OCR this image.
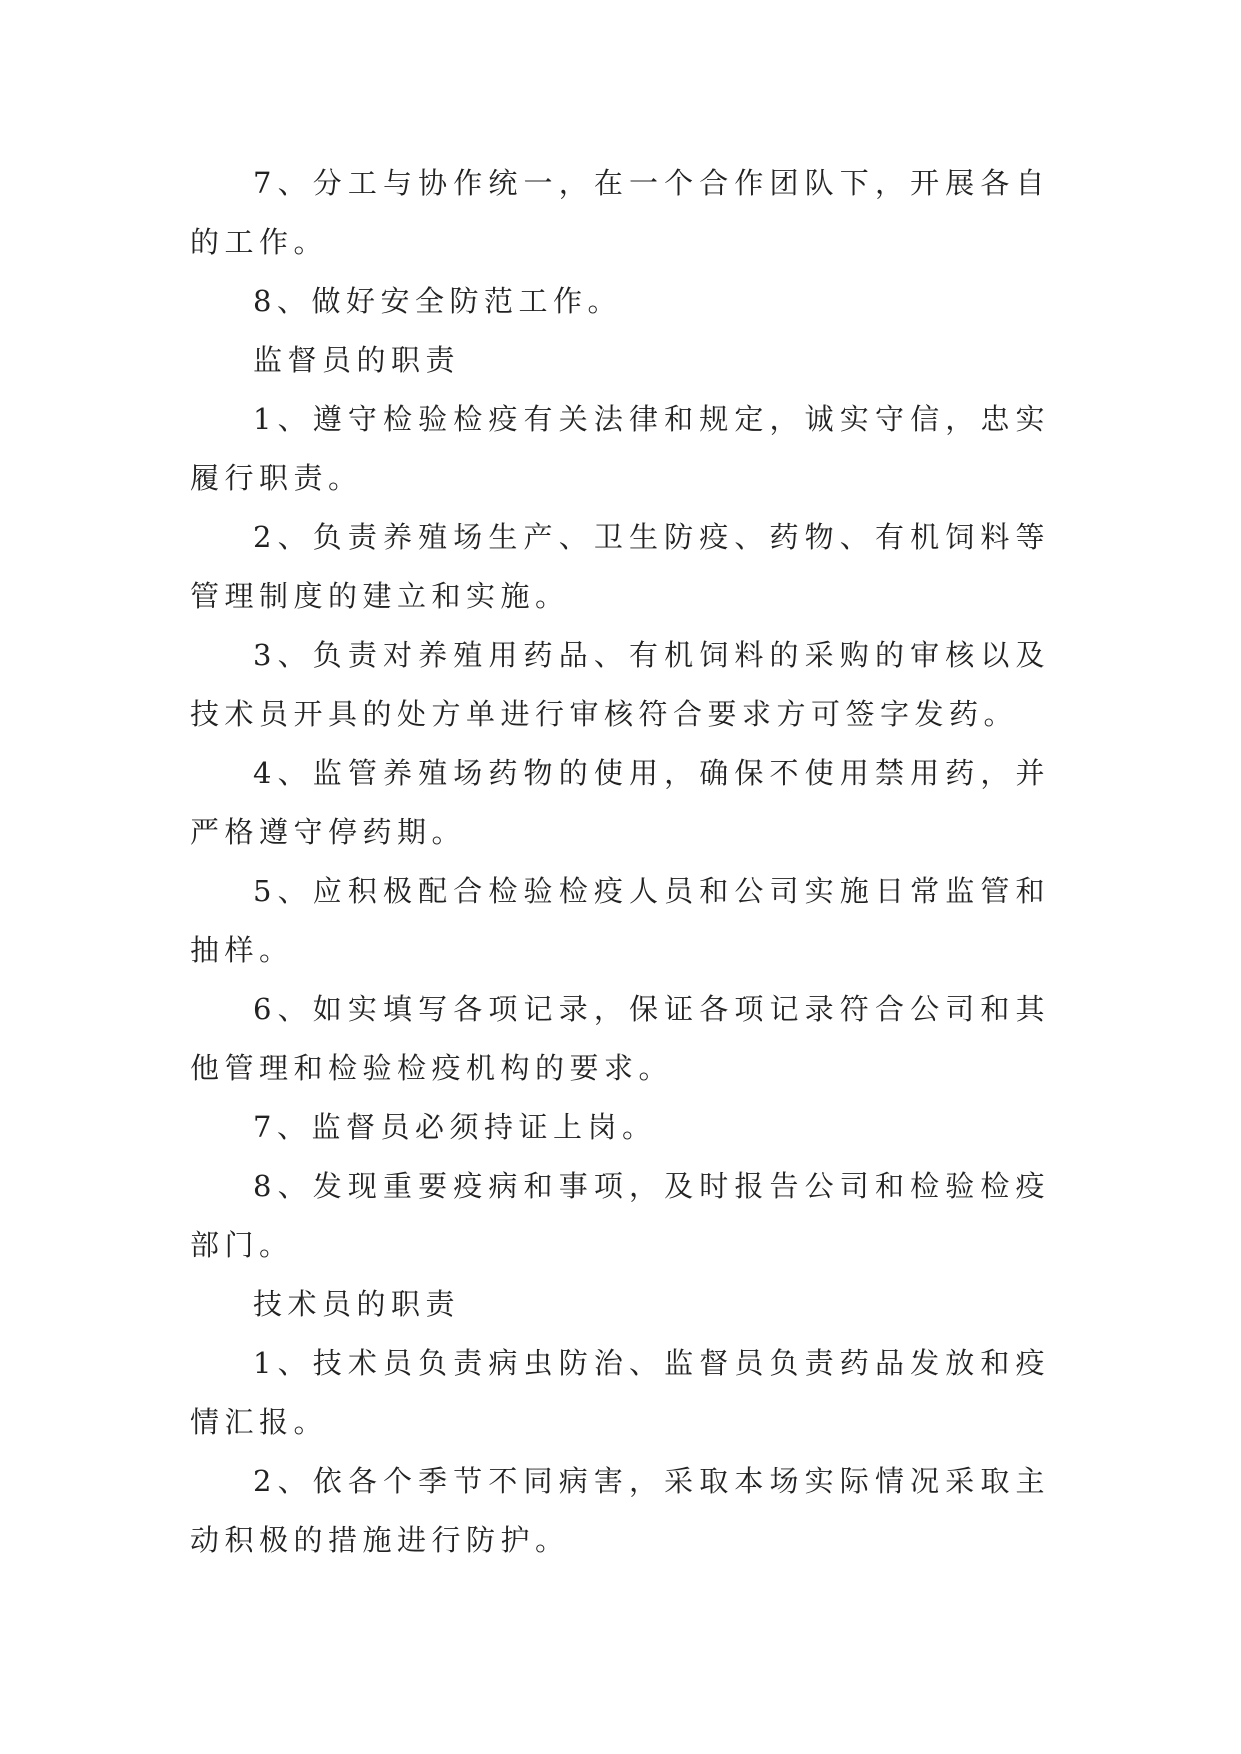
7、分工与协作统一，在一个合作团队下，开展各自的工作。

8、做好安全防范工作。

监督员的职责

1、遵守检验检疫有关法律和规定，诚实守信，忠实履行职责。

2、负责养殖场生产、卫生防疫、药物、有机饲料等管理制度的建立和实施。

3、负责对养殖用药品、有机饲料的采购的审核以及技术员开具的处方单进行审核符合要求方可签字发药。

4、监管养殖场药物的使用，确保不使用禁用药，并严格遵守停药期。

5、应积极配合检验检疫人员和公司实施日常监管和抽样。

6、如实填写各项记录，保证各项记录符合公司和其他管理和检验检疫机构的要求。

7、监督员必须持证上岗。

8、发现重要疫病和事项，及时报告公司和检验检疫部门。

技术员的职责

1、技术员负责病虫防治、监督员负责药品发放和疫情汇报。

2、依各个季节不同病害，采取本场实际情况采取主动积极的措施进行防护。
